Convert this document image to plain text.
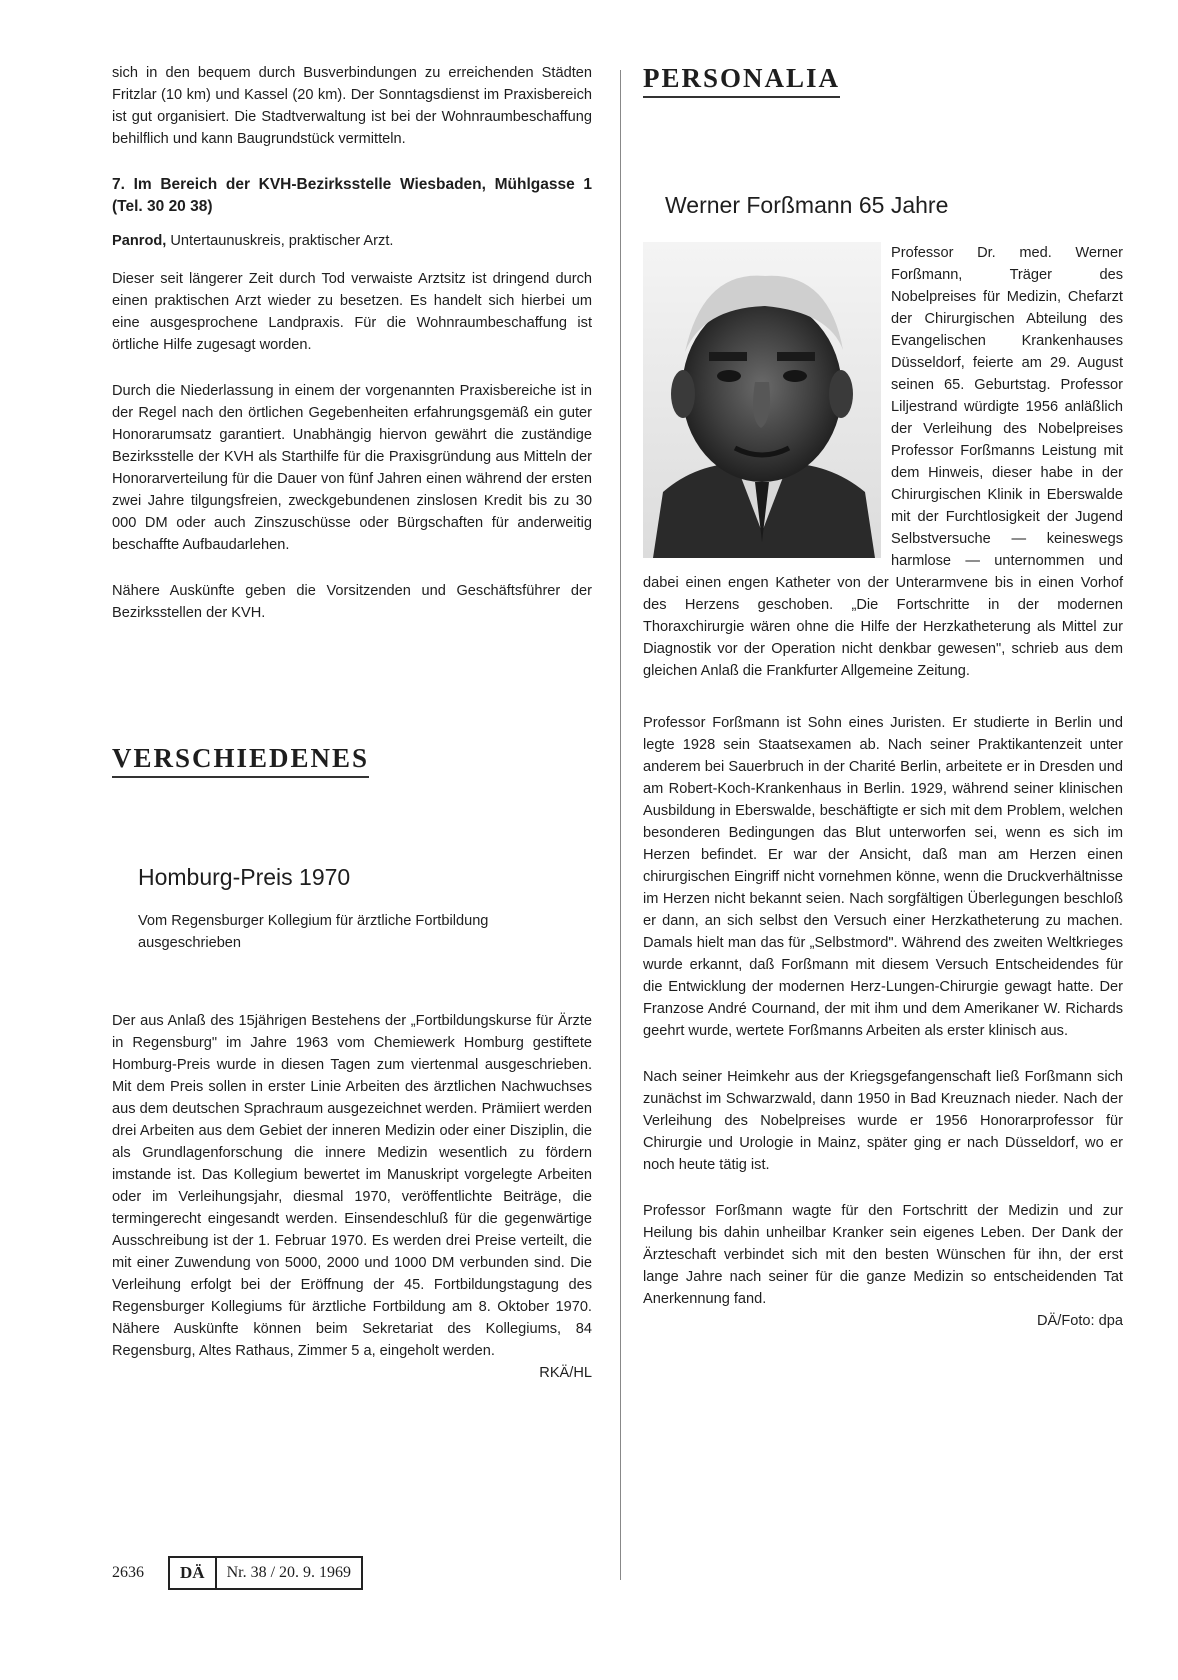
sich in den bequem durch Busverbindungen zu erreichenden Städten Fritzlar (10 km) und Kassel (20 km). Der Sonntagsdienst im Praxisbereich ist gut organisiert. Die Stadtverwaltung ist bei der Wohnraumbeschaffung behilflich und kann Baugrundstück vermitteln.

7. Im Bereich der KVH-Bezirksstelle Wiesbaden, Mühlgasse 1 (Tel. 30 20 38)

Panrod, Untertaunuskreis, praktischer Arzt.

Dieser seit längerer Zeit durch Tod verwaiste Arztsitz ist dringend durch einen praktischen Arzt wieder zu besetzen. Es handelt sich hierbei um eine ausgesprochene Landpraxis. Für die Wohnraumbeschaffung ist örtliche Hilfe zugesagt worden.

Durch die Niederlassung in einem der vorgenannten Praxisbereiche ist in der Regel nach den örtlichen Gegebenheiten erfahrungsgemäß ein guter Honorarumsatz garantiert. Unabhängig hiervon gewährt die zuständige Bezirksstelle der KVH als Starthilfe für die Praxisgründung aus Mitteln der Honorarverteilung für die Dauer von fünf Jahren einen während der ersten zwei Jahre tilgungsfreien, zweckgebundenen zinslosen Kredit bis zu 30 000 DM oder auch Zinszuschüsse oder Bürgschaften für anderweitig beschaffte Aufbaudarlehen.

Nähere Auskünfte geben die Vorsitzenden und Geschäftsführer der Bezirksstellen der KVH.

VERSCHIEDENES
Homburg-Preis 1970

Vom Regensburger Kollegium für ärztliche Fortbildung ausgeschrieben

Der aus Anlaß des 15jährigen Bestehens der „Fortbildungskurse für Ärzte in Regensburg" im Jahre 1963 vom Chemiewerk Homburg gestiftete Homburg-Preis wurde in diesen Tagen zum viertenmal ausgeschrieben. Mit dem Preis sollen in erster Linie Arbeiten des ärztlichen Nachwuchses aus dem deutschen Sprachraum ausgezeichnet werden. Prämiiert werden drei Arbeiten aus dem Gebiet der inneren Medizin oder einer Disziplin, die als Grundlagenforschung die innere Medizin wesentlich zu fördern imstande ist. Das Kollegium bewertet im Manuskript vorgelegte Arbeiten oder im Verleihungsjahr, diesmal 1970, veröffentlichte Beiträge, die termingerecht eingesandt werden. Einsendeschluß für die gegenwärtige Ausschreibung ist der 1. Februar 1970. Es werden drei Preise verteilt, die mit einer Zuwendung von 5000, 2000 und 1000 DM verbunden sind. Die Verleihung erfolgt bei der Eröffnung der 45. Fortbildungstagung des Regensburger Kollegiums für ärztliche Fortbildung am 8. Oktober 1970. Nähere Auskünfte können beim Sekretariat des Kollegiums, 84 Regensburg, Altes Rathaus, Zimmer 5 a, eingeholt werden.

RKÄ/HL
PERSONALIA
Werner Forßmann 65 Jahre

Professor Dr. med. Werner Forßmann, Träger des Nobelpreises für Medizin, Chefarzt der Chirurgischen Abteilung des Evangelischen Krankenhauses Düsseldorf, feierte am 29. August seinen 65. Geburtstag. Professor Liljestrand würdigte 1956 anläßlich der Verleihung des Nobelpreises Professor Forßmanns Leistung mit dem Hinweis, dieser habe in der Chirurgischen Klinik in Eberswalde mit der Furchtlosigkeit der Jugend Selbstversuche — keineswegs harmlose — unternommen und dabei einen engen Katheter von der Unterarmvene bis in einen Vorhof des Herzens geschoben. „Die Fortschritte in der modernen Thoraxchirurgie wären ohne die Hilfe der Herzkatheterung als Mittel zur Diagnostik vor der Operation nicht denkbar gewesen", schrieb aus dem gleichen Anlaß die Frankfurter Allgemeine Zeitung.

Professor Forßmann ist Sohn eines Juristen. Er studierte in Berlin und legte 1928 sein Staatsexamen ab. Nach seiner Praktikantenzeit unter anderem bei Sauerbruch in der Charité Berlin, arbeitete er in Dresden und am Robert-Koch-Krankenhaus in Berlin. 1929, während seiner klinischen Ausbildung in Eberswalde, beschäftigte er sich mit dem Problem, welchen besonderen Bedingungen das Blut unterworfen sei, wenn es sich im Herzen befindet. Er war der Ansicht, daß man am Herzen einen chirurgischen Eingriff nicht vornehmen könne, wenn die Druckverhältnisse im Herzen nicht bekannt seien. Nach sorgfältigen Überlegungen beschloß er dann, an sich selbst den Versuch einer Herzkatheterung zu machen. Damals hielt man das für „Selbstmord". Während des zweiten Weltkrieges wurde erkannt, daß Forßmann mit diesem Versuch Entscheidendes für die Entwicklung der modernen Herz-Lungen-Chirurgie gewagt hatte. Der Franzose André Cournand, der mit ihm und dem Amerikaner W. Richards geehrt wurde, wertete Forßmanns Arbeiten als erster klinisch aus.

Nach seiner Heimkehr aus der Kriegsgefangenschaft ließ Forßmann sich zunächst im Schwarzwald, dann 1950 in Bad Kreuznach nieder. Nach der Verleihung des Nobelpreises wurde er 1956 Honorarprofessor für Chirurgie und Urologie in Mainz, später ging er nach Düsseldorf, wo er noch heute tätig ist.

Professor Forßmann wagte für den Fortschritt der Medizin und zur Heilung bis dahin unheilbar Kranker sein eigenes Leben. Der Dank der Ärzteschaft verbindet sich mit den besten Wünschen für ihn, der erst lange Jahre nach seiner für die ganze Medizin so entscheidenden Tat Anerkennung fand.

DÄ/Foto: dpa
2636	DÄ	Nr. 38 / 20. 9. 1969
